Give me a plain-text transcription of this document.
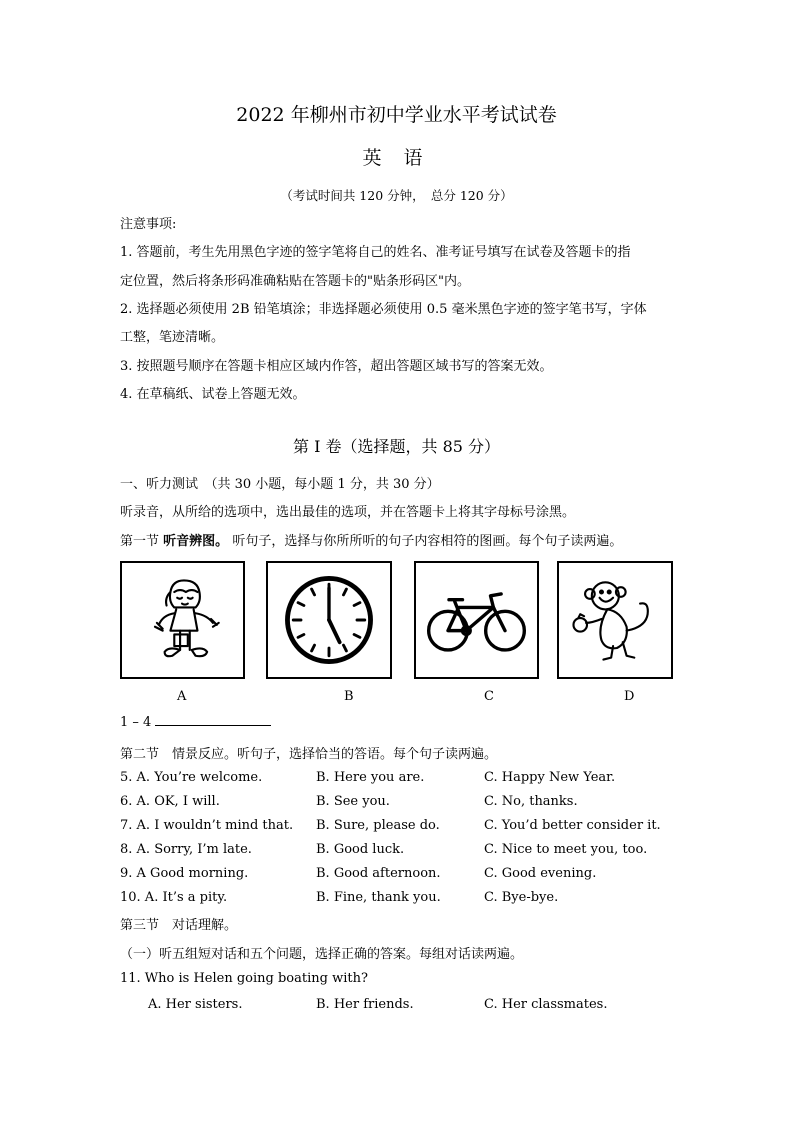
2022 年柳州市初中学业水平考试试卷
英 语
（考试时间共 120 分钟，　总分 120 分）
注意事项:
1. 答题前，考生先用黑色字迹的签字笔将自己的姓名、准考证号填写在试卷及答题卡的指
定位置，然后将条形码准确粘贴在答题卡的"贴条形码区"内。
2. 选择题必须使用 2B 铅笔填涂；非选择题必须使用 0.5 毫米黑色字迹的签字笔书写，字体
工整，笔迹清晰。
3. 按照题号顺序在答题卡相应区域内作答，超出答题区域书写的答案无效。
4. 在草稿纸、试卷上答题无效。
第 I 卷（选择题，共 85 分）
一、听力测试　（共 30 小题，每小题 1 分，共 30 分）
听录音，从所给的选项中，选出最佳的选项，并在答题卡上将其字母标号涂黑。
第一节 听音辨图。 听句子，选择与你所所听的句子内容相符的图画。每个句子读两遍。
A	B	C	D
1 – 4
第二节　情景反应。听句子，选择恰当的答语。每个句子读两遍。
5. A. You’re welcome.	B. Here you are.	C. Happy New Year.
6. A. OK, I will.	B. See you.	C. No, thanks.
7. A. I wouldn’t mind that. B. Sure, please do.	C. You’d better consider it.
8. A. Sorry, I’m late.	B. Good luck.	C. Nice to meet you, too.
9. A Good morning.	B. Good afternoon.	C. Good evening.
10. A. It’s a pity.	B. Fine, thank you.	C. Bye-bye.
第三节　对话理解。
（一）听五组短对话和五个问题，选择正确的答案。每组对话读两遍。
11. Who is Helen going boating with?
A. Her sisters.	B. Her friends.	C. Her classmates.
